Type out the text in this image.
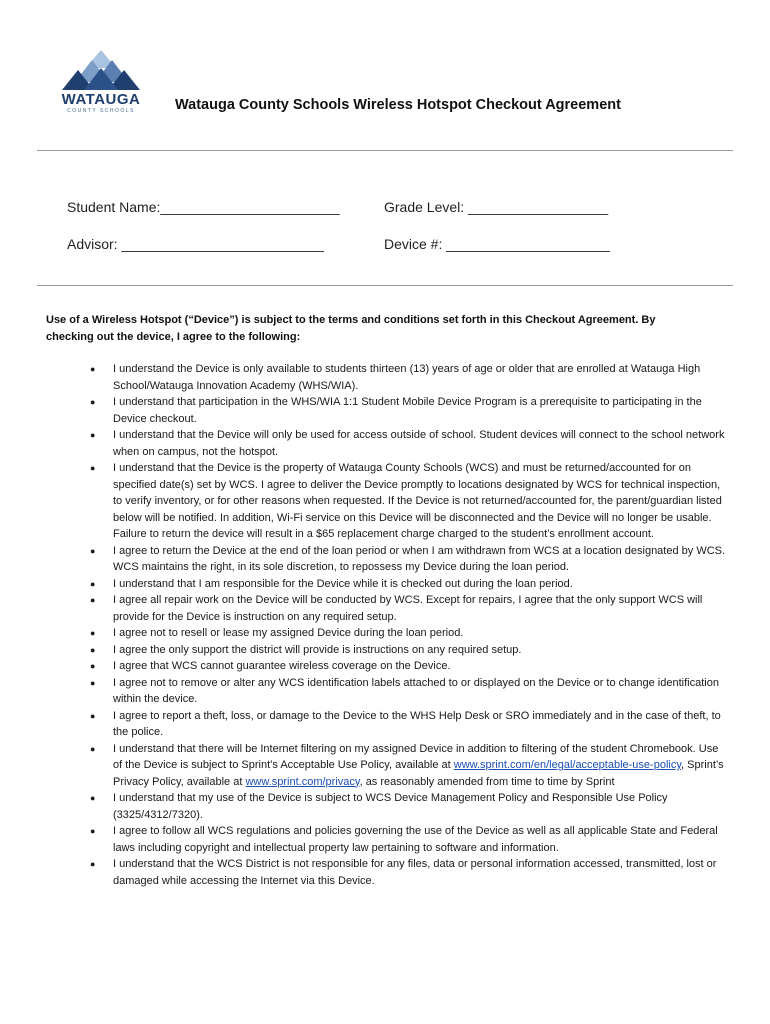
WATAUGA
COUNTY SCHOOLS	Watauga County Schools Wireless Hotspot Checkout Agreement
Student Name:_______________________	Grade Level: __________________
Advisor: __________________________	Device #: _____________________
Use of a Wireless Hotspot (“Device”) is subject to the terms and conditions set forth in this Checkout Agreement. By checking out the device, I agree to the following:
● I understand the Device is only available to students thirteen (13) years of age or older that are enrolled at Watauga High School/Watauga Innovation Academy (WHS/WIA).
● I understand that participation in the WHS/WIA 1:1 Student Mobile Device Program is a prerequisite to participating in the Device checkout.
● I understand that the Device will only be used for access outside of school. Student devices will connect to the school network when on campus, not the hotspot.
● I understand that the Device is the property of Watauga County Schools (WCS) and must be returned/accounted for on specified date(s) set by WCS. I agree to deliver the Device promptly to locations designated by WCS for technical inspection, to verify inventory, or for other reasons when requested. If the Device is not returned/accounted for, the parent/guardian listed below will be notified. In addition, Wi-Fi service on this Device will be disconnected and the Device will no longer be usable. Failure to return the device will result in a $65 replacement charge charged to the student’s enrollment account.
● I agree to return the Device at the end of the loan period or when I am withdrawn from WCS at a location designated by WCS. WCS maintains the right, in its sole discretion, to repossess my Device during the loan period.
● I understand that I am responsible for the Device while it is checked out during the loan period.
● I agree all repair work on the Device will be conducted by WCS. Except for repairs, I agree that the only support WCS will provide for the Device is instruction on any required setup.
● I agree not to resell or lease my assigned Device during the loan period.
● I agree the only support the district will provide is instructions on any required setup.
● I agree that WCS cannot guarantee wireless coverage on the Device.
● I agree not to remove or alter any WCS identification labels attached to or displayed on the Device or to change identification within the device.
● I agree to report a theft, loss, or damage to the Device to the WHS Help Desk or SRO immediately and in the case of theft, to the police.
● I understand that there will be Internet filtering on my assigned Device in addition to filtering of the student Chromebook. Use of the Device is subject to Sprint’s Acceptable Use Policy, available at www.sprint.com/en/legal/acceptable-use-policy, Sprint’s Privacy Policy, available at www.sprint.com/privacy, as reasonably amended from time to time by Sprint
● I understand that my use of the Device is subject to WCS Device Management Policy and Responsible Use Policy (3325/4312/7320).
● I agree to follow all WCS regulations and policies governing the use of the Device as well as all applicable State and Federal laws including copyright and intellectual property law pertaining to software and information.
● I understand that the WCS District is not responsible for any files, data or personal information accessed, transmitted, lost or damaged while accessing the Internet via this Device.
